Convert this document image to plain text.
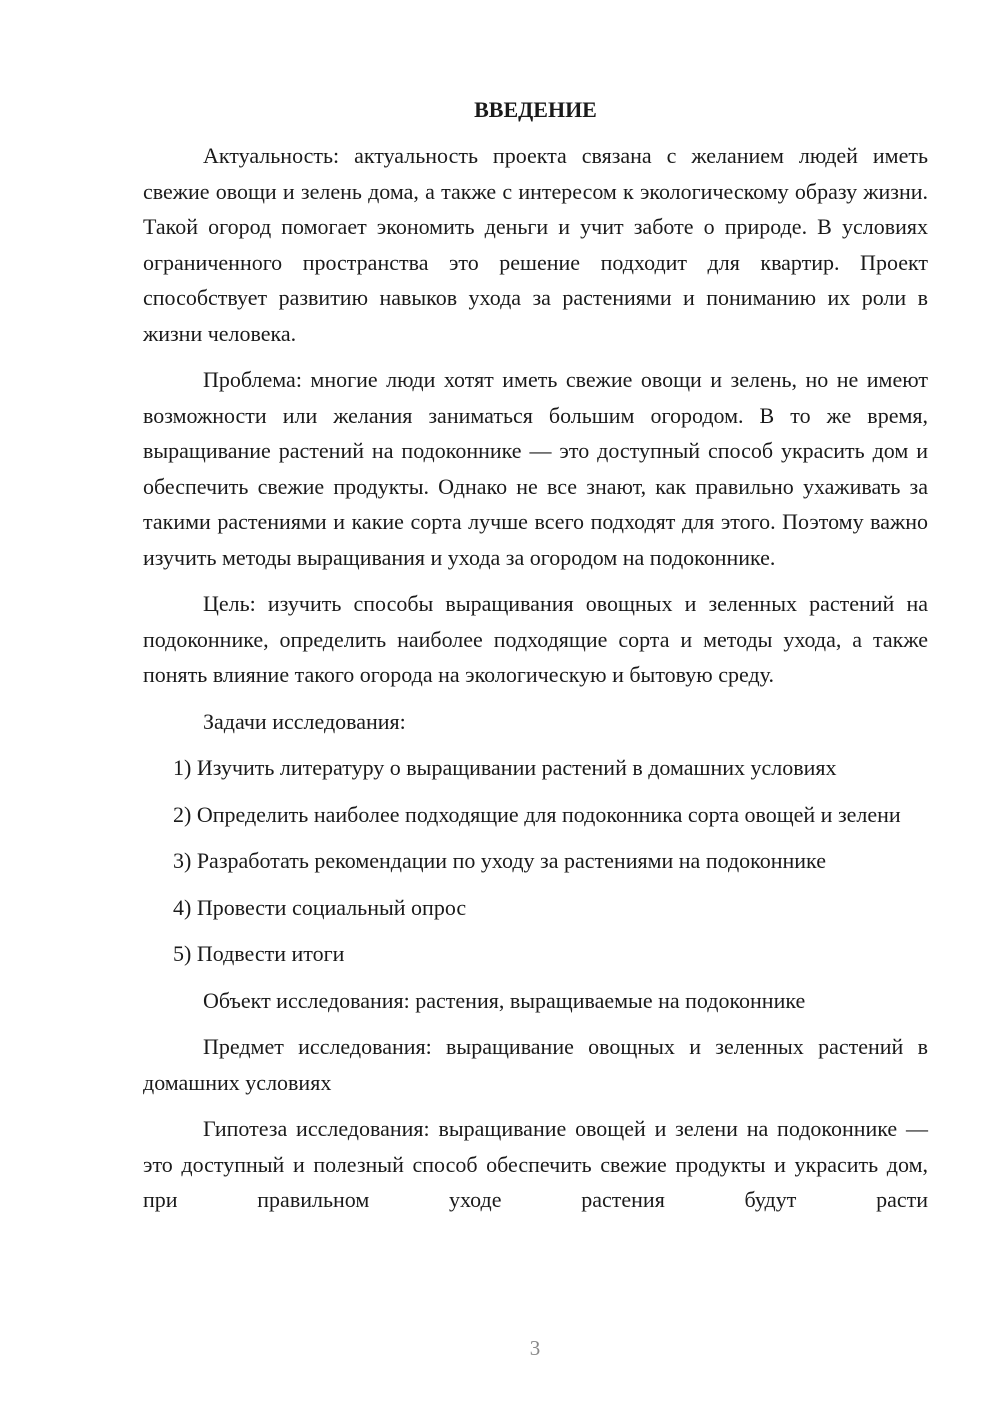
ВВЕДЕНИЕ

Актуальность: актуальность проекта связана с желанием людей иметь свежие овощи и зелень дома, а также с интересом к экологическому образу жизни. Такой огород помогает экономить деньги и учит заботе о природе. В условиях ограниченного пространства это решение подходит для квартир. Проект способствует развитию навыков ухода за растениями и пониманию их роли в жизни человека.

Проблема: многие люди хотят иметь свежие овощи и зелень, но не имеют возможности или желания заниматься большим огородом. В то же время, выращивание растений на подоконнике — это доступный способ украсить дом и обеспечить свежие продукты. Однако не все знают, как правильно ухаживать за такими растениями и какие сорта лучше всего подходят для этого. Поэтому важно изучить методы выращивания и ухода за огородом на подоконнике.

Цель: изучить способы выращивания овощных и зеленных растений на подоконнике, определить наиболее подходящие сорта и методы ухода, а также понять влияние такого огорода на экологическую и бытовую среду.

Задачи исследования:

1) Изучить литературу о выращивании растений в домашних условиях

2) Определить наиболее подходящие для подоконника сорта овощей и зелени

3) Разработать рекомендации по уходу за растениями на подоконнике

4) Провести социальный опрос

5) Подвести итоги

Объект исследования: растения, выращиваемые на подоконнике

Предмет исследования: выращивание овощных и зеленных растений в домашних условиях

Гипотеза исследования: выращивание овощей и зелени на подоконнике — это доступный и полезный способ обеспечить свежие продукты и украсить дом, при правильном уходе растения будут расти

3
